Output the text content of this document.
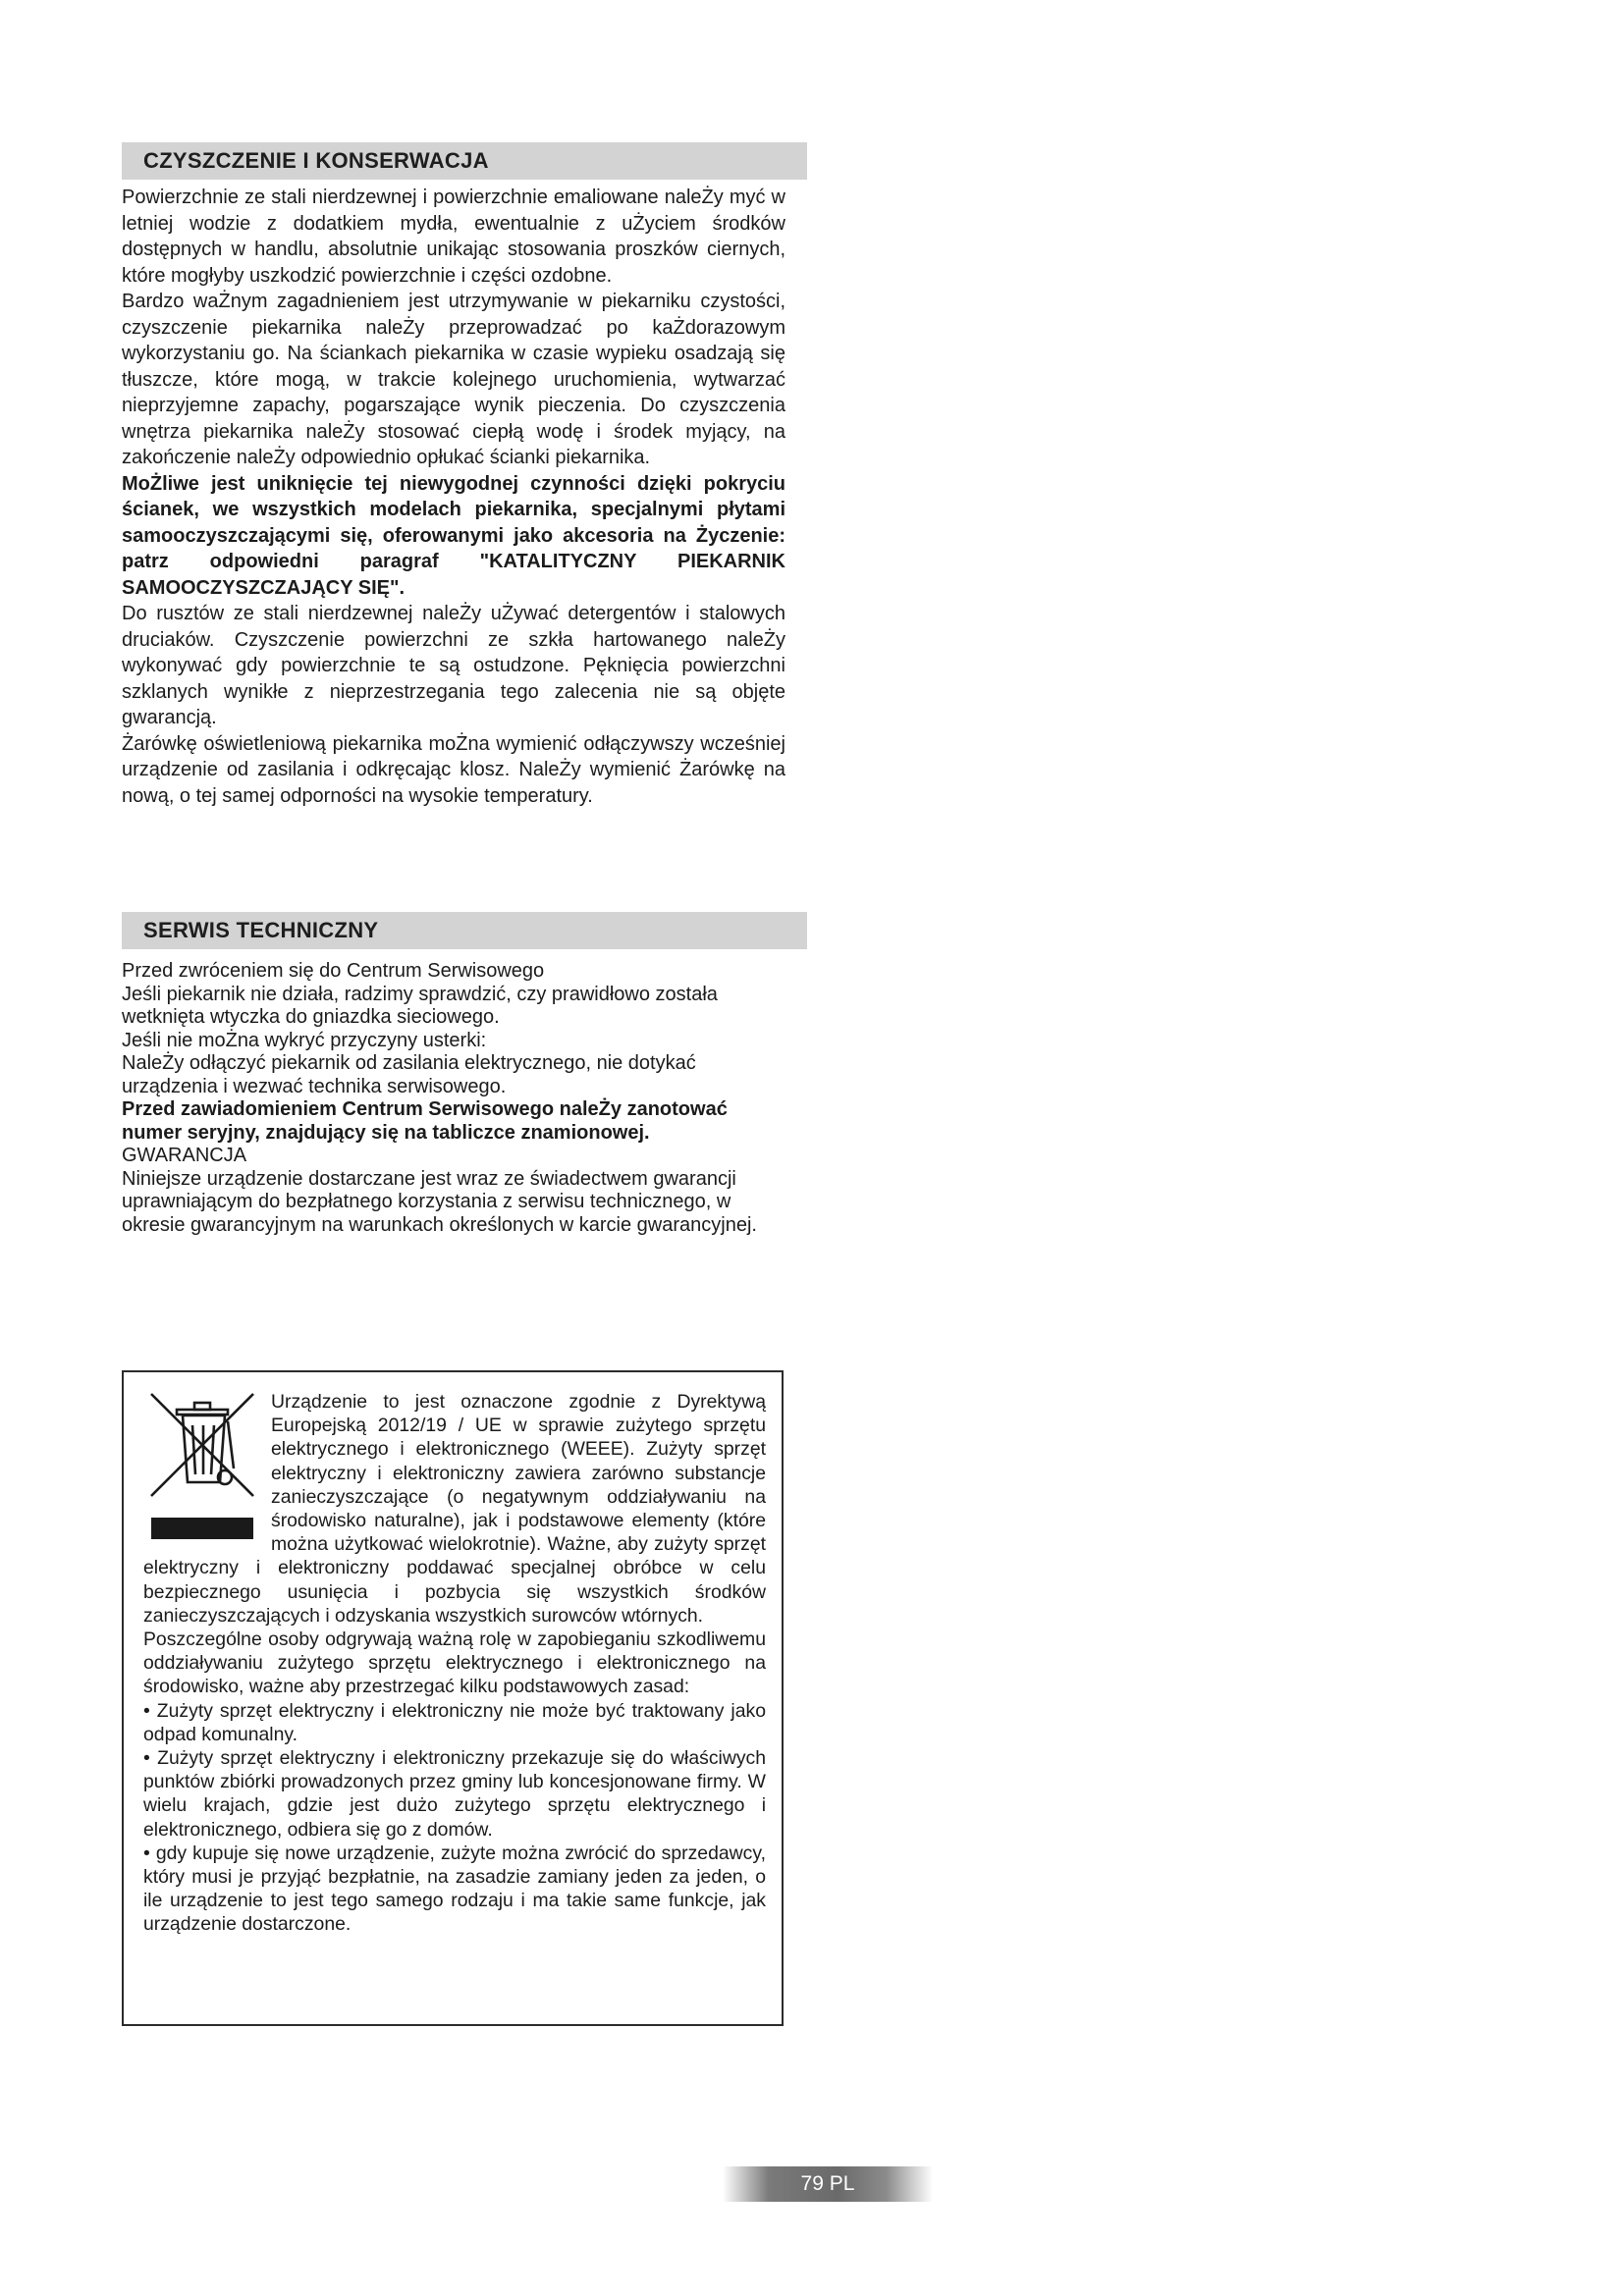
CZYSZCZENIE I KONSERWACJA

Powierzchnie ze stali nierdzewnej i powierzchnie emaliowane naleŻy myć w letniej wodzie z dodatkiem mydła, ewentualnie z uŻyciem środków dostępnych w handlu, absolutnie unikając stosowania proszków ciernych, które mogłyby uszkodzić powierzchnie i części ozdobne.

Bardzo waŻnym zagadnieniem jest utrzymywanie w piekarniku czystości, czyszczenie piekarnika naleŻy przeprowadzać po kaŻdorazowym wykorzystaniu go. Na ściankach piekarnika w czasie wypieku osadzają się tłuszcze, które mogą, w trakcie kolejnego uruchomienia, wytwarzać nieprzyjemne zapachy, pogarszające wynik pieczenia. Do czyszczenia wnętrza piekarnika naleŻy stosować ciepłą wodę i środek myjący, na zakończenie naleŻy odpowiednio opłukać ścianki piekarnika.

MoŻliwe jest uniknięcie tej niewygodnej czynności dzięki pokryciu ścianek, we wszystkich modelach piekarnika, specjalnymi płytami samooczyszczającymi się, oferowanymi jako akcesoria na Życzenie: patrz odpowiedni paragraf "KATALITYCZNY PIEKARNIK SAMOOCZYSZCZAJĄCY SIĘ".

Do rusztów ze stali nierdzewnej naleŻy uŻywać detergentów i stalowych druciaków. Czyszczenie powierzchni ze szkła hartowanego naleŻy wykonywać gdy powierzchnie te są ostudzone. Pęknięcia powierzchni szklanych wynikłe z nieprzestrzegania tego zalecenia nie są objęte gwarancją.

Żarówkę oświetleniową piekarnika moŻna wymienić odłączywszy wcześniej urządzenie od zasilania i odkręcając klosz. NaleŻy wymienić Żarówkę na nową, o tej samej odporności na wysokie temperatury.

SERWIS TECHNICZNY

Przed zwróceniem się do Centrum Serwisowego

Jeśli piekarnik nie działa, radzimy sprawdzić, czy prawidłowo została wetknięta wtyczka do gniazdka sieciowego.

Jeśli nie moŻna wykryć przyczyny usterki:

NaleŻy odłączyć piekarnik od zasilania elektrycznego, nie dotykać urządzenia i wezwać technika serwisowego.

Przed zawiadomieniem Centrum Serwisowego naleŻy zanotować numer seryjny, znajdujący się na tabliczce znamionowej.

GWARANCJA

Niniejsze urządzenie dostarczane jest wraz ze świadectwem gwarancji uprawniającym do bezpłatnego korzystania z serwisu technicznego, w okresie gwarancyjnym na warunkach określonych w karcie gwarancyjnej.

Urządzenie to jest oznaczone zgodnie z Dyrektywą Europejską 2012/19 / UE w sprawie zużytego sprzętu elektrycznego i elektronicznego (WEEE). Zużyty sprzęt elektryczny i elektroniczny zawiera zarówno substancje zanieczyszczające (o negatywnym oddziaływaniu na środowisko naturalne), jak i podstawowe elementy (które można użytkować wielokrotnie). Ważne, aby zużyty sprzęt elektryczny i elektroniczny poddawać specjalnej obróbce w celu bezpiecznego usunięcia i pozbycia się wszystkich środków zanieczyszczających i odzyskania wszystkich surowców wtórnych.

Poszczególne osoby odgrywają ważną rolę w zapobieganiu szkodliwemu oddziaływaniu zużytego sprzętu elektrycznego i elektronicznego na środowisko, ważne aby przestrzegać kilku podstawowych zasad:

• Zużyty sprzęt elektryczny i elektroniczny nie może być traktowany jako odpad komunalny.

• Zużyty sprzęt elektryczny i elektroniczny przekazuje się do właściwych punktów zbiórki prowadzonych przez gminy lub koncesjonowane firmy. W wielu krajach, gdzie jest dużo zużytego sprzętu elektrycznego i elektronicznego, odbiera się go z domów.

• gdy kupuje się nowe urządzenie, zużyte można zwrócić do sprzedawcy, który musi je przyjąć bezpłatnie, na zasadzie zamiany jeden za jeden, o ile urządzenie to jest tego samego rodzaju i ma takie same funkcje, jak urządzenie dostarczone.

79 PL
